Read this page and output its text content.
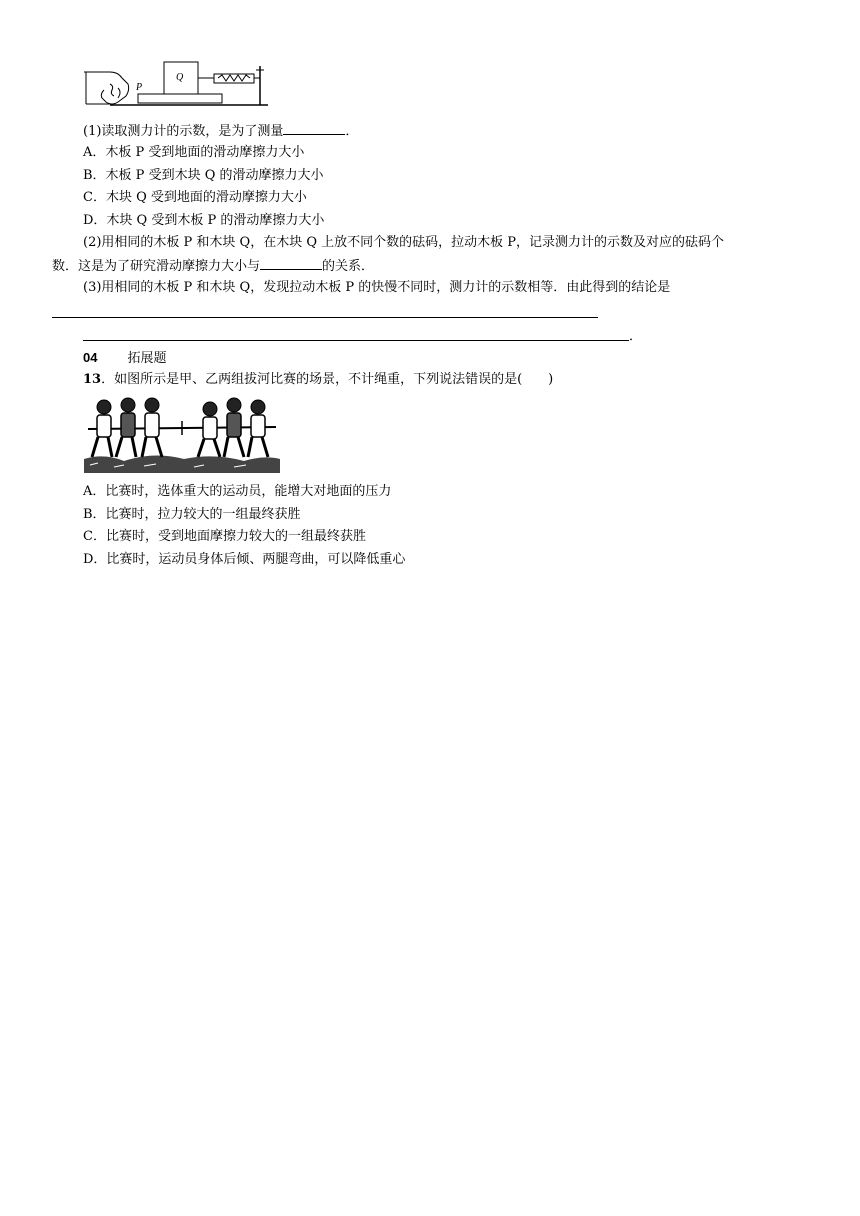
P
Q
(1)读取测力计的示数，是为了测量	．
A．木板 P 受到地面的滑动摩擦力大小
B．木板 P 受到木块 Q 的滑动摩擦力大小
C．木块 Q 受到地面的滑动摩擦力大小
D．木块 Q 受到木板 P 的滑动摩擦力大小
(2)用相同的木板 P 和木块 Q，在木块 Q 上放不同个数的砝码，拉动木板 P，记录测力计的示数及对应的砝码个
数．这是为了研究滑动摩擦力大小与	的关系．
(3)用相同的木板 P 和木块 Q，发现拉动木板 P 的快慢不同时，测力计的示数相等．由此得到的结论是
．
04 拓展题
13．如图所示是甲、乙两组拔河比赛的场景，不计绳重，下列说法错误的是(　　)
A．比赛时，选体重大的运动员，能增大对地面的压力
B．比赛时，拉力较大的一组最终获胜
C．比赛时，受到地面摩擦力较大的一组最终获胜
D．比赛时，运动员身体后倾、两腿弯曲，可以降低重心
